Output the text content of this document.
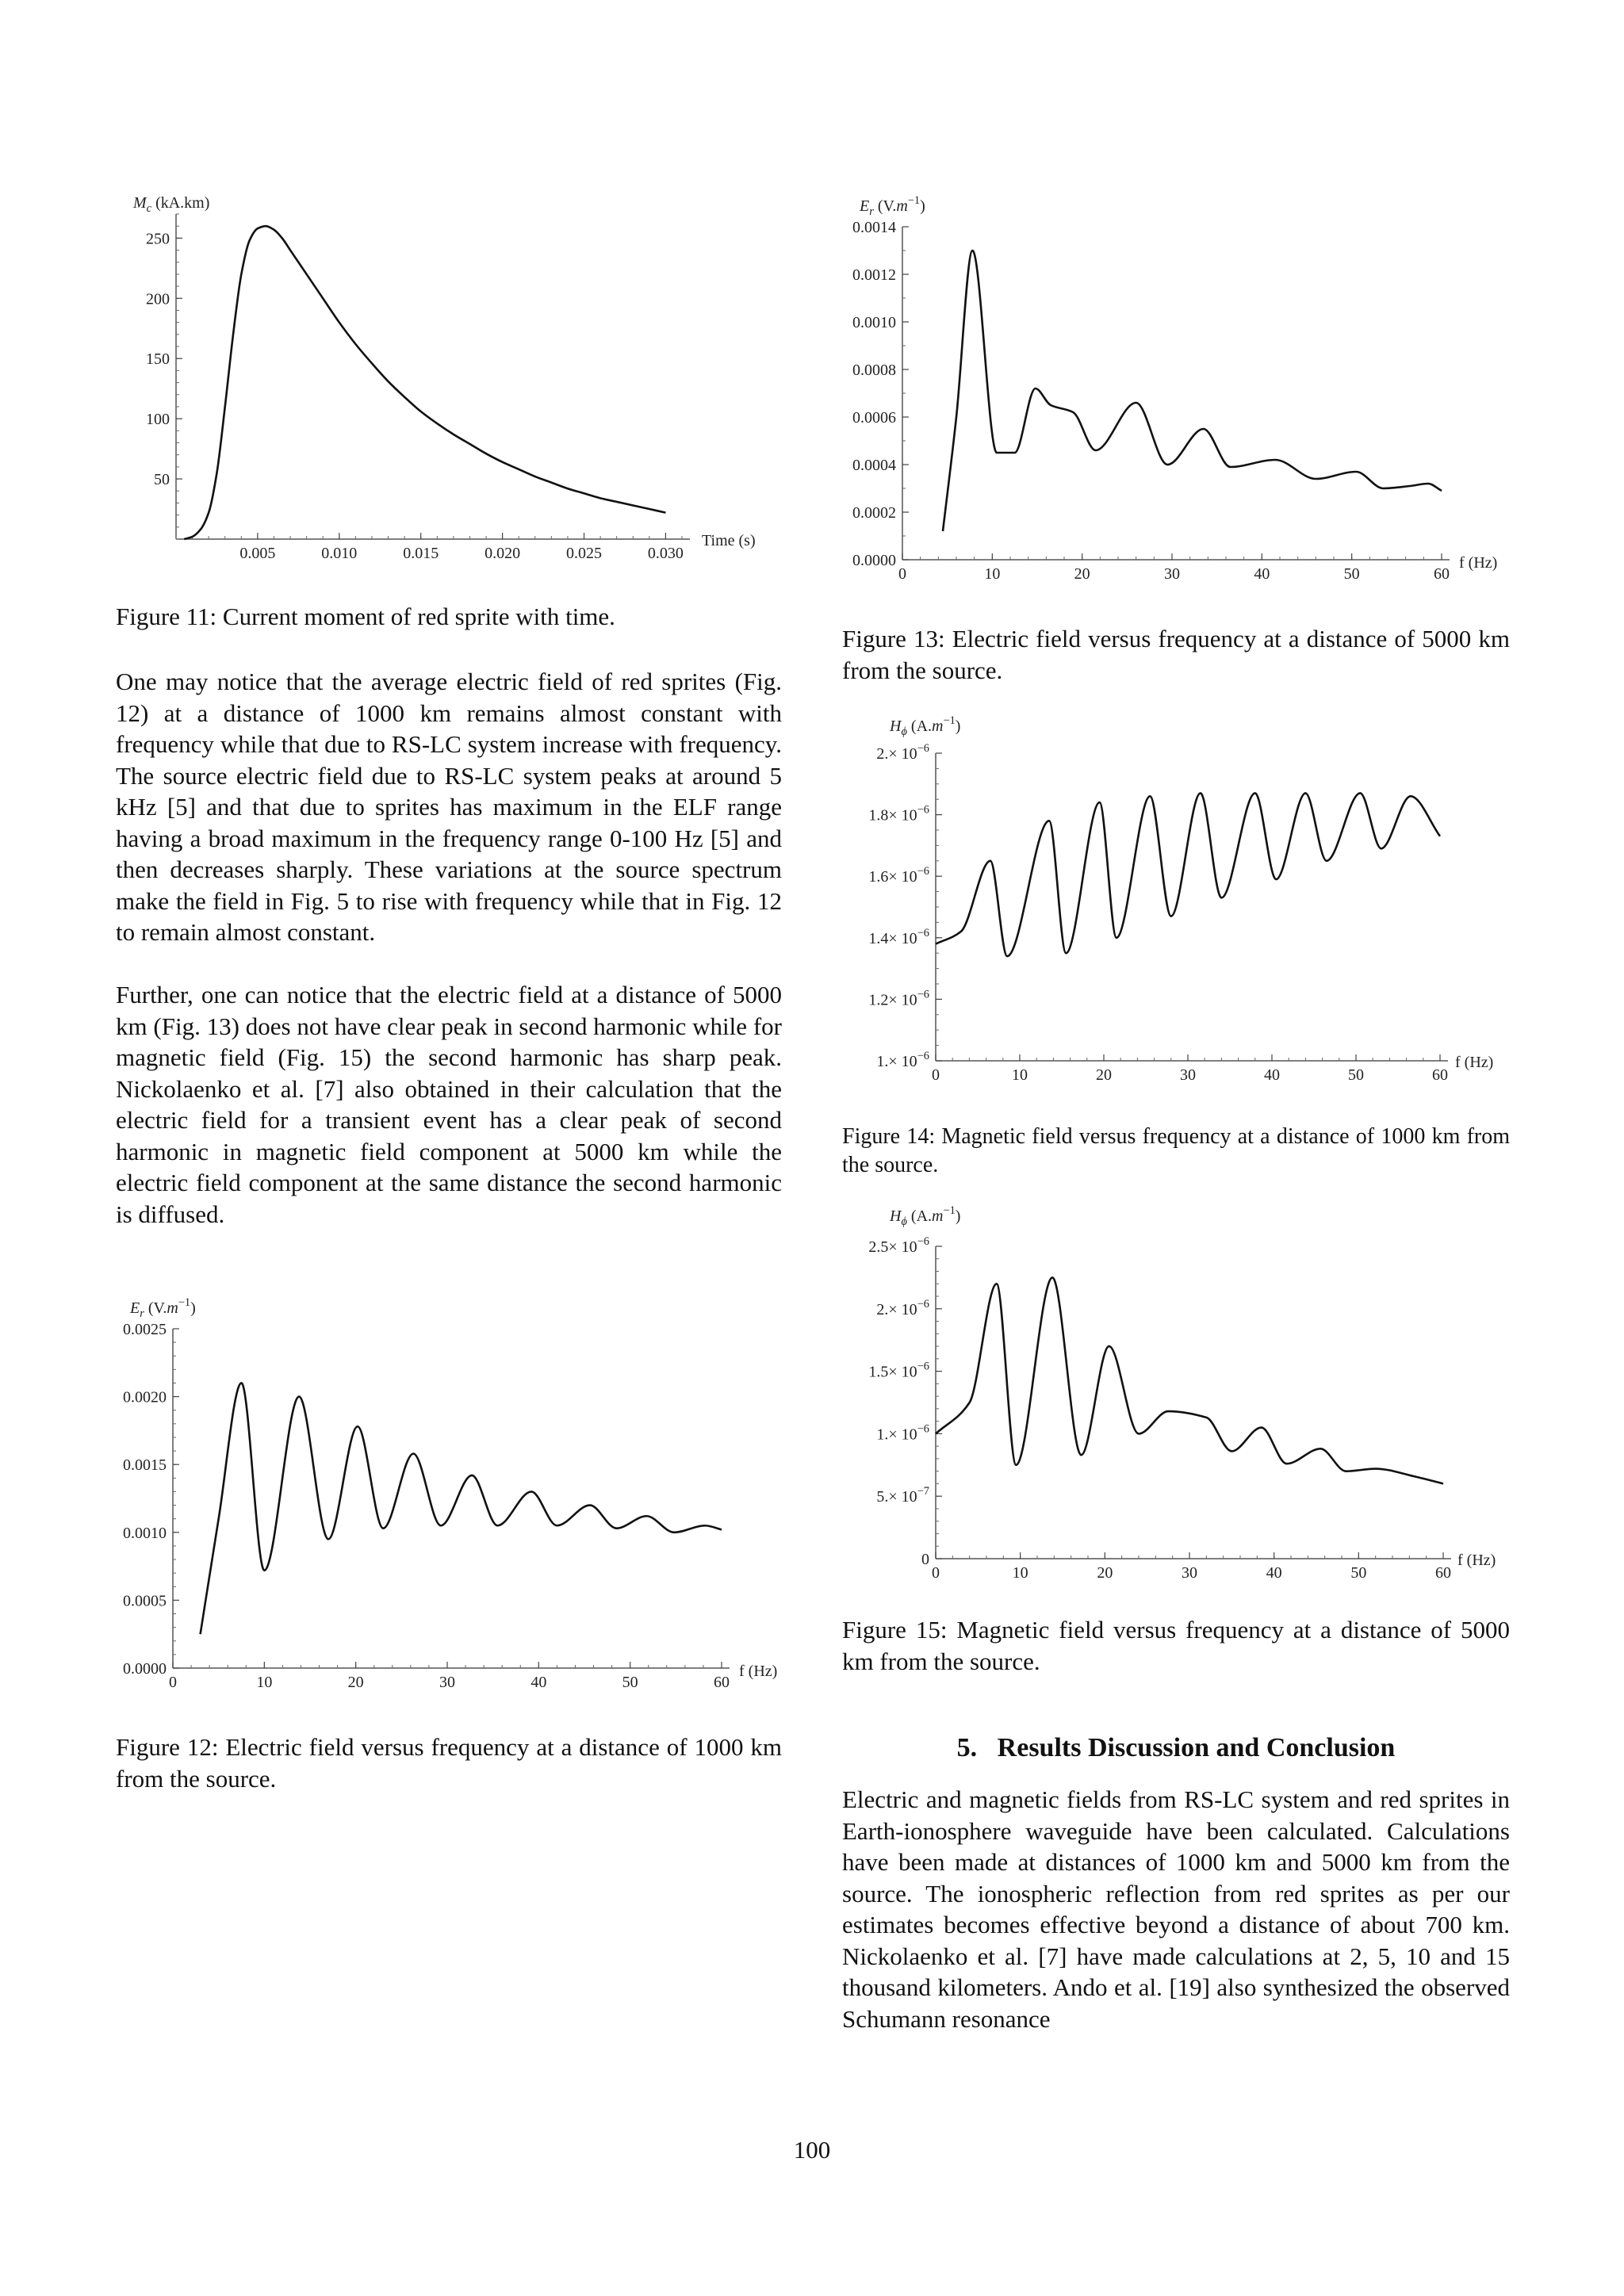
0.005	0.010	0.015	0.020	0.025	0.030
50
100
150
200
250
$M_c$ (kA.km)
Time (s)
Figure 11: Current moment of red sprite with time.
0	10	20	30	40	50	60
0.0000
0.0002
0.0004
0.0006
0.0008
0.0010
0.0012
0.0014
$E_r$ $(V.m^{-1})$
f (Hz)
Figure 13: Electric field versus frequency at a distance of 5000 km from the source.

One may notice that the average electric field of red sprites (Fig. 12) at a distance of 1000 km remains almost constant with frequency while that due to RS-LC system increase with frequency. The source electric field due to RS-LC system peaks at around 5 kHz [5] and that due to sprites has maximum in the ELF range having a broad maximum in the frequency range 0-100 Hz [5] and then decreases sharply. These variations at the source spectrum make the field in Fig. 5 to rise with frequency while that in Fig. 12 to remain almost constant.

Further, one can notice that the electric field at a distance of 5000 km (Fig. 13) does not have clear peak in second harmonic while for magnetic field (Fig. 15) the second harmonic has sharp peak. Nickolaenko et al. [7] also obtained in their calculation that the electric field for a transient event has a clear peak of second harmonic in magnetic field component at 5000 km while the electric field component at the same distance the second harmonic is diffused.

0	10	20	30	40	50	60
$1.\times 10^{-6}$
$1.2\times 10^{-6}$
$1.4\times 10^{-6}$
$1.6\times 10^{-6}$
$1.8\times 10^{-6}$
$2.\times 10^{-6}$
$H_\phi$ $(A.m^{-1})$
f (Hz)
Figure 14: Magnetic field versus frequency at a distance of 1000 km from the source.
0	10	20	30	40	50	60
0
$5.\times 10^{-7}$
$1.\times 10^{-6}$
$1.5\times 10^{-6}$
$2.\times 10^{-6}$
$2.5\times 10^{-6}$
$H_\phi$ $(A.m^{-1})$
f (Hz)
Figure 15: Magnetic field versus frequency at a distance of 5000 km from the source.
0	10	20	30	40	50	60
0.0000
0.0005
0.0010
0.0015
0.0020
0.0025
$E_r$ $(V.m^{-1})$
f (Hz)
Figure 12: Electric field versus frequency at a distance of 1000 km from the source.
5.   Results Discussion and Conclusion

Electric and magnetic fields from RS-LC system and red sprites in Earth-ionosphere waveguide have been calculated. Calculations have been made at distances of 1000 km and 5000 km from the source. The ionospheric reflection from red sprites as per our estimates becomes effective beyond a distance of about 700 km. Nickolaenko et al. [7] have made calculations at 2, 5, 10 and 15 thousand kilometers. Ando et al. [19] also synthesized the observed Schumann resonance

100
